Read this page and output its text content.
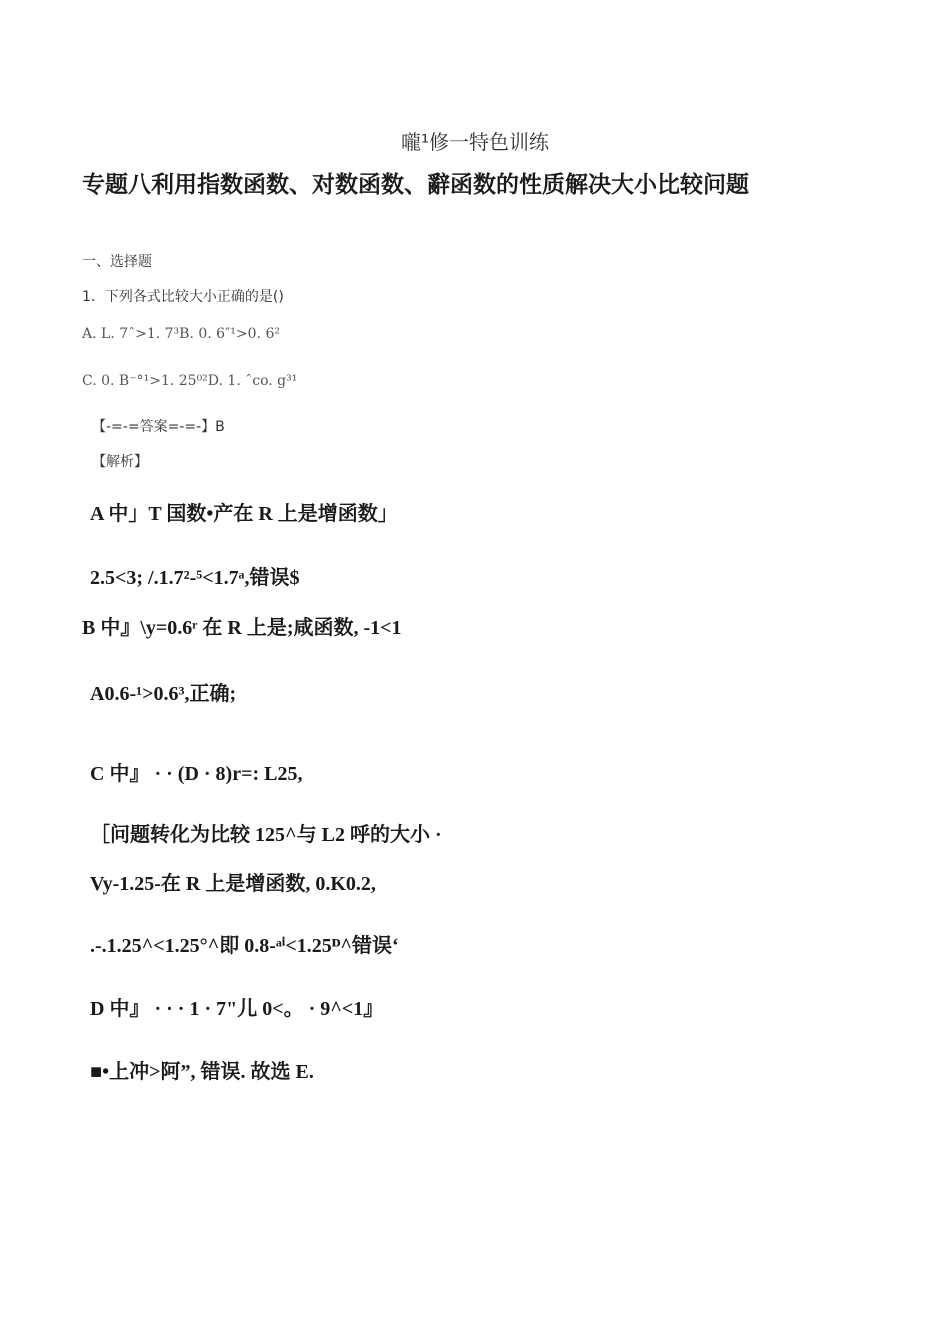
嚨¹修一特色训练
专题八利用指数函数、对数函数、辭函数的性质解决大小比较问题
一、选择题
1．下列各式比较大小正确的是()
A. L. 7ˆ>1. 7³B. 0. 6″¹>0. 6²
C. 0. B⁻°¹>1. 25⁰²D. 1. ˆco. g³¹
【-=-=答案=-=-】B
【解析】
A 中」T 国数•产在 R 上是增函数」
2.5<3; /.1.7²-⁵<1.7ᵃ,错误$
B 中』\y=0.6ʳ 在 R 上是;咸函数, -1<1
A0.6-¹>0.6³,正确;
C 中』 · · (D · 8)r=: L25,
［问题转化为比较 125^与 L2 呼的大小 ·
Vy-1.25-在 R 上是增函数, 0.K0.2,
.-.1.25^<1.25°^即 0.8-ᵃⁱ<1.25ᴰ^错误‘
D 中』 · · · 1 · 7"儿 0<。 · 9^<1』
■•上冲>阿”, 错误. 故选 E.
